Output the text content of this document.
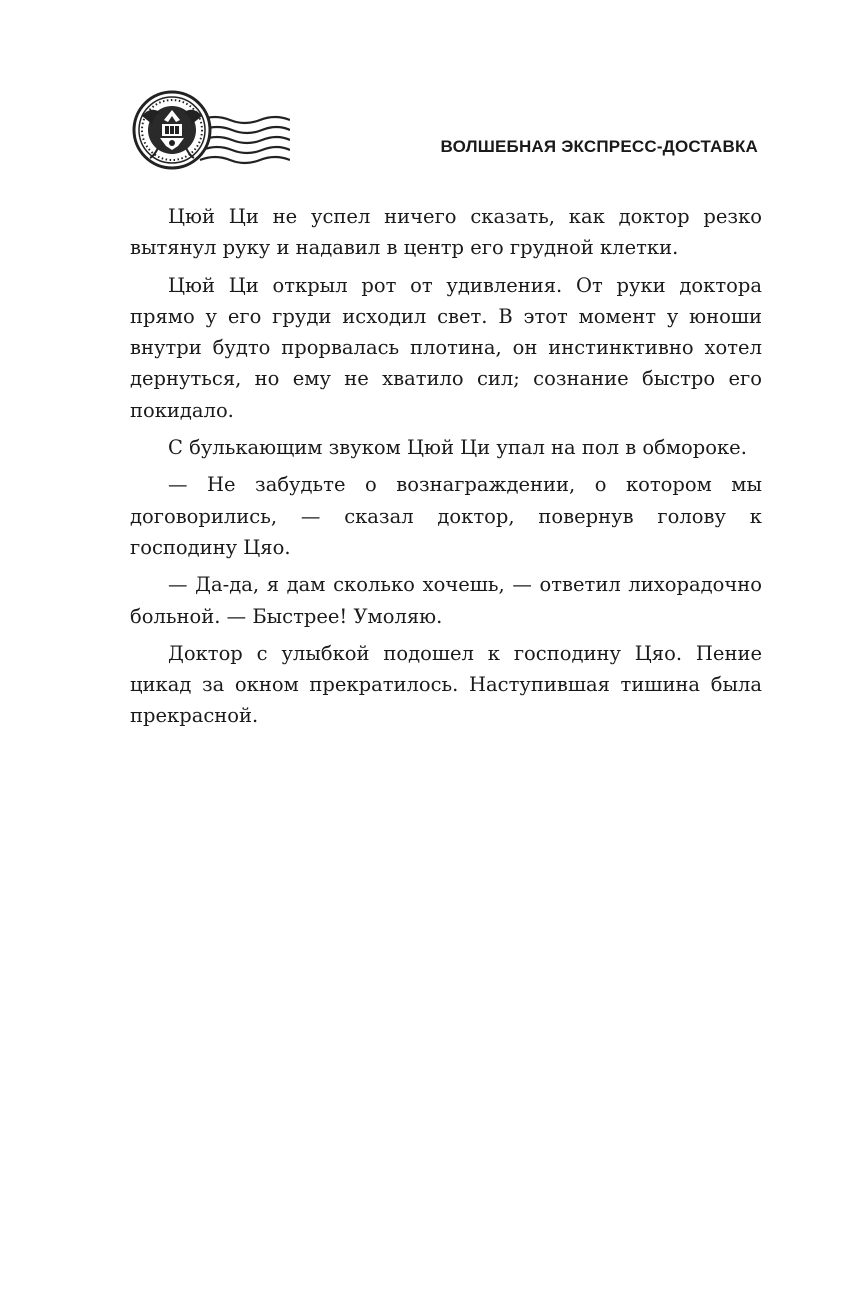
ВОЛШЕБНАЯ ЭКСПРЕСС-ДОСТАВКА

Цюй Ци не успел ничего сказать, как доктор резко вытянул руку и надавил в центр его грудной клетки.

Цюй Ци открыл рот от удивления. От руки доктора прямо у его груди исходил свет. В этот момент у юноши внутри будто прорвалась плотина, он инстинктивно хотел дернуться, но ему не хватило сил; сознание быстро его покидало.

С булькающим звуком Цюй Ци упал на пол в обмороке.

— Не забудьте о вознаграждении, о котором мы договорились, — сказал доктор, повернув голову к господину Цяо.

— Да-да, я дам сколько хочешь, — ответил лихорадочно больной. — Быстрее! Умоляю.

Доктор с улыбкой подошел к господину Цяо. Пение цикад за окном прекратилось. Наступившая тишина была прекрасной.
